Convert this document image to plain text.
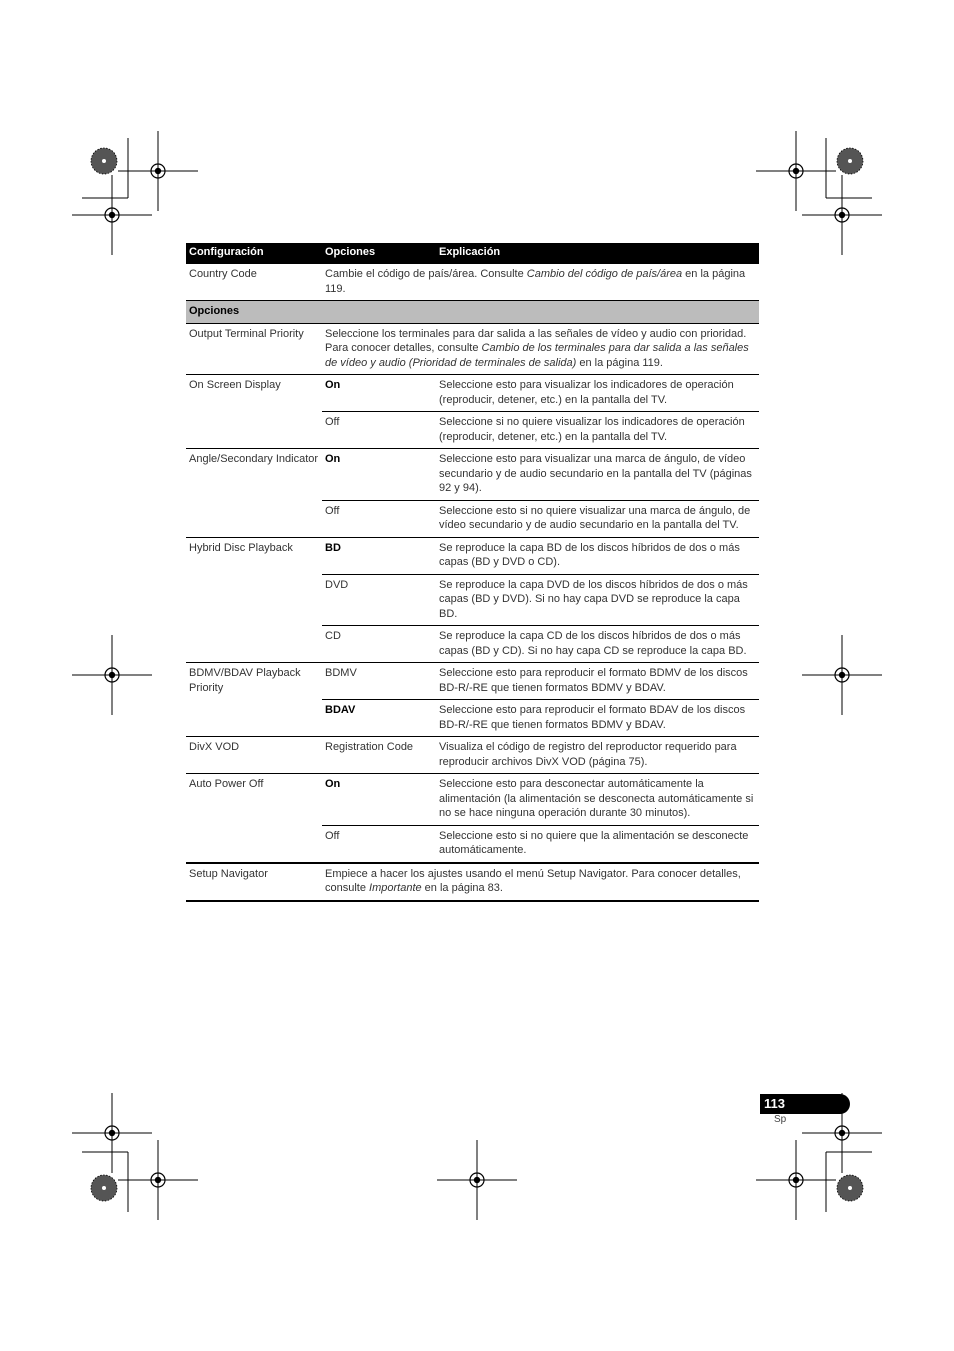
Configuración	Opciones	Explicación
Country Code	Cambie el código de país/área. Consulte Cambio del código de país/área en la página 119.	
Opciones		
Output Terminal Priority	Seleccione los terminales para dar salida a las señales de vídeo y audio con prioridad. Para conocer detalles, consulte Cambio de los terminales para dar salida a las señales de vídeo y audio (Prioridad de terminales de salida) en la página 119.	
On Screen Display	On	Seleccione esto para visualizar los indicadores de operación (reproducir, detener, etc.) en la pantalla del TV.
	Off	Seleccione si no quiere visualizar los indicadores de operación (reproducir, detener, etc.) en la pantalla del TV.
Angle/Secondary Indicator	On	Seleccione esto para visualizar una marca de ángulo, de vídeo secundario y de audio secundario en la pantalla del TV (páginas 92 y 94).
	Off	Seleccione esto si no quiere visualizar una marca de ángulo, de vídeo secundario y de audio secundario en la pantalla del TV.
Hybrid Disc Playback	BD	Se reproduce la capa BD de los discos híbridos de dos o más capas (BD y DVD o CD).
	DVD	Se reproduce la capa DVD de los discos híbridos de dos o más capas (BD y DVD). Si no hay capa DVD se reproduce la capa BD.
	CD	Se reproduce la capa CD de los discos híbridos de dos o más capas (BD y CD). Si no hay capa CD se reproduce la capa BD.
BDMV/BDAV Playback Priority	BDMV	Seleccione esto para reproducir el formato BDMV de los discos BD-R/-RE que tienen formatos BDMV y BDAV.
	BDAV	Seleccione esto para reproducir el formato BDAV de los discos BD-R/-RE que tienen formatos BDMV y BDAV.
DivX VOD	Registration Code	Visualiza el código de registro del reproductor requerido para reproducir archivos DivX VOD (página 75).
Auto Power Off	On	Seleccione esto para desconectar automáticamente la alimentación (la alimentación se desconecta automáticamente si no se hace ninguna operación durante 30 minutos).
	Off	Seleccione esto si no quiere que la alimentación se desconecte automáticamente.
Setup Navigator	Empiece a hacer los ajustes usando el menú Setup Navigator. Para conocer detalles, consulte Importante en la página 83.	
113
Sp
